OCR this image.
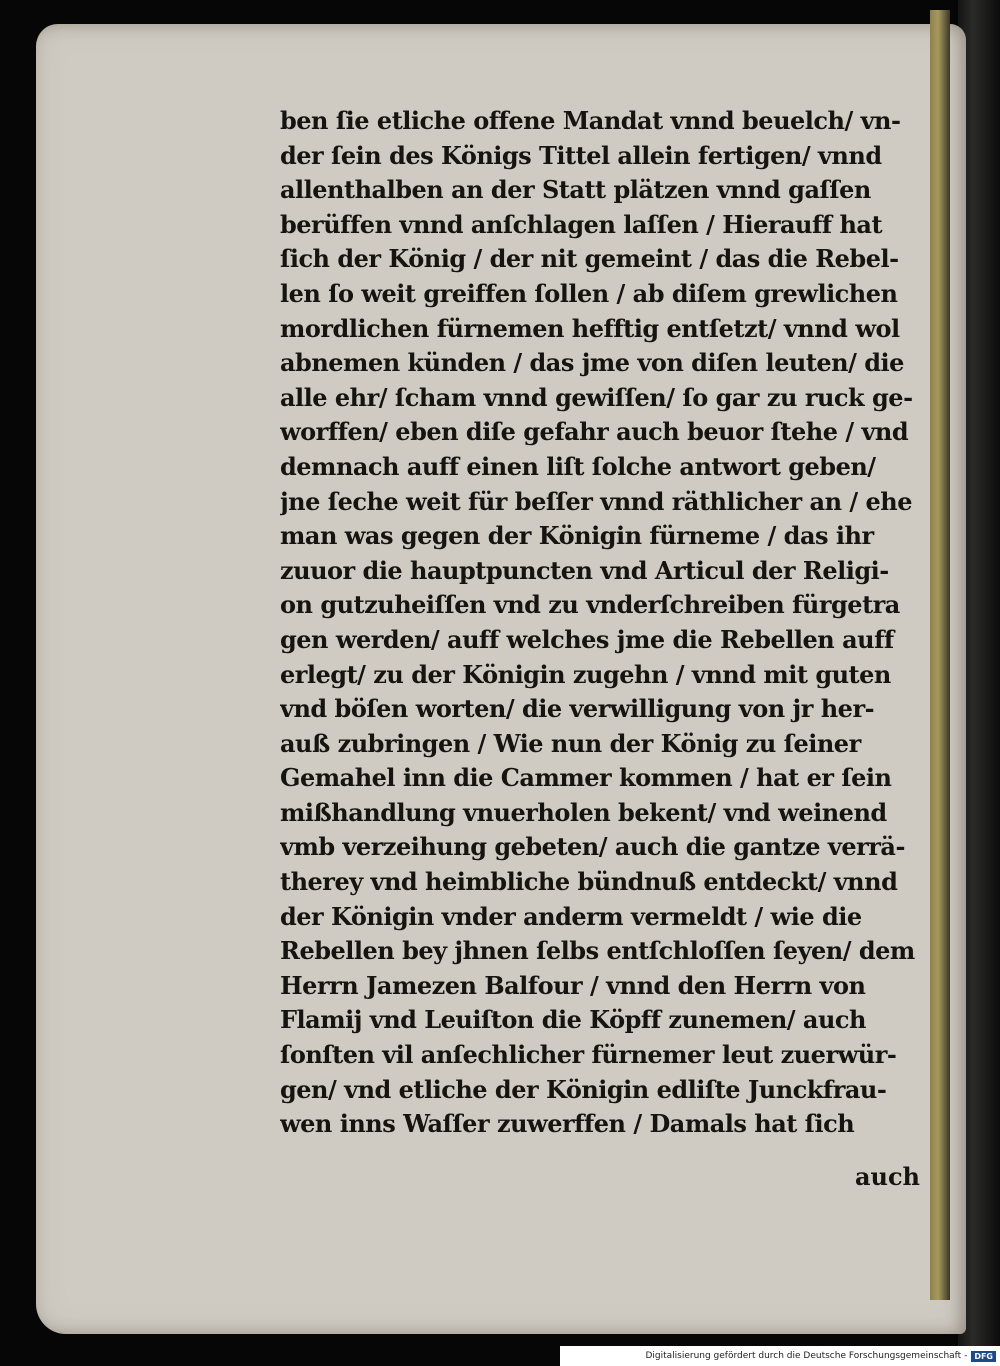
ben ſie etliche offene Mandat vnnd beuelch/ vn-
der ſein des Königs Tittel allein fertigen/ vnnd
allenthalben an der Statt plätzen vnnd gaſſen
berüffen vnnd anſchlagen laſſen / Hierauff hat
ſich der König / der nit gemeint / das die Rebel-
len ſo weit greiffen ſollen / ab diſem grewlichen
mordlichen fürnemen hefftig entſetzt/ vnnd wol
abnemen künden / das jme von diſen leuten/ die
alle ehr/ ſcham vnnd gewiſſen/ ſo gar zu ruck ge-
worffen/ eben diſe gefahr auch beuor ſtehe / vnd
demnach auff einen liſt ſolche antwort geben/
jne ſeche weit für beſſer vnnd räthlicher an / ehe
man was gegen der Königin fürneme / das ihr
zuuor die hauptpuncten vnd Articul der Religi-
on gutzuheiſſen vnd zu vnderſchreiben fürgetra
gen werden/ auff welches jme die Rebellen auff
erlegt/ zu der Königin zugehn / vnnd mit guten
vnd böſen worten/ die verwilligung von jr her-
auß zubringen / Wie nun der König zu ſeiner
Gemahel inn die Cammer kommen / hat er ſein
mißhandlung vnuerholen bekent/ vnd weinend
vmb verzeihung gebeten/ auch die gantze verrä-
therey vnd heimbliche bündnuß entdeckt/ vnnd
der Königin vnder anderm vermeldt / wie die
Rebellen bey jhnen ſelbs entſchloſſen ſeyen/ dem
Herrn Jamezen Balfour / vnnd den Herrn von
Flamij vnd Leuiſton die Köpff zunemen/ auch
ſonſten vil anſechlicher fürnemer leut zuerwür-
gen/ vnd etliche der Königin edliſte Junckfrau-
wen inns Waſſer zuwerffen / Damals hat ſich
auch
Digitalisierung gefördert durch die Deutsche Forschungsgemeinschaft - DFG
